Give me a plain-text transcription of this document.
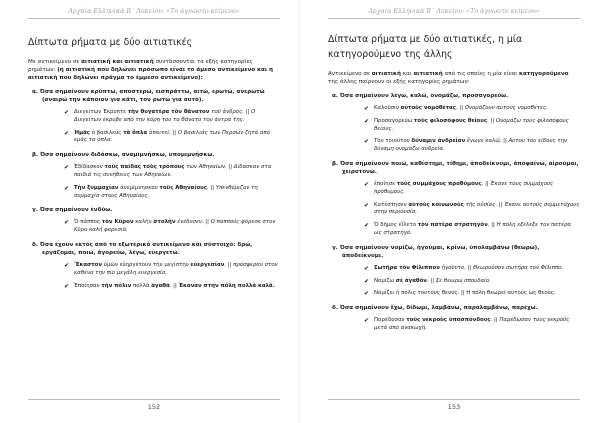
Αρχαία Ελληνικά Β΄ Λυκείου: «Το άγνωστο κείμενο»
Δίπτωτα ρήματα με δύο αιτιατικές
Με αντικείμενο σε αιτιατική και αιτιατική συντάσσονται τα εξής κατηγορίες ρημάτων: (η αιτιατική που δηλώνει πρόσωπο είναι το άμεσο αντικείμενο και η αιτιατική που δηλώνει πράγμα το έμμεσο αντικείμενο):
α. Όσα σημαίνουν κρύπτω, αποστερώ, εισπράττω, αιτώ, ερωτώ, ανερωτώ (αναιρώ την κάποιον για κάτι, τον ρωτώ για αυτό).
✔ Διεγείτων Έκρυπτε τὴν θυγατέρα τὸν θάνατον τοῦ ἀνδρός. || Ο Διεγείτων έκρυβε από την κόρη του το θάνατο του άντρα της.
✔ Ἡμᾶς ὁ βασιλεὺς τὰ ὅπλα ἀπαιτεῖ. || Ο βασιλιάς των Περσών ζητά από εμάς τα όπλα.
β. Όσα σημαίνουν διδάσκω, αναμιμνήσκω, υπομιμνήσκω.
✔ Ἐδίδασκον τοὺς παῖδας τοὺς τρόπους τῶν Ἀθηναίων. || Δίδασκαν στα παιδιά τις συνήθειες των Αθηναίων.
✔ Τὴν ξυμμαχίαν ἀνεμίμνησκον τοὺς Ἀθηναίους. || Υπενθύμιζαν τη συμμαχία στους Αθηναίους.
γ. Όσα σημαίνουν ένδύω.
✔ Ὁ πάππος τὸν Κῦρον καλὴν στολὴν ἐνέδυσεν. || Ο παππούς φόρεσε στον Κύρο καλή φορεσιά.
δ. Όσα έχουν εκτός από το εξωτερικό αντικείμενο και σύστοιχο: δρώ, εργάζομαι, ποιώ, άγορεύω, λέγω, ευεργετώ.
✔ Ἔκαστον ὑμῶν εὐηργέτουν τὴν μεγίστην εὐεργεσίαν. || πρόσφεραν στον καθένα την πιο μεγάλη ευεργεσία.
✔ Ἐποίησαν τὴν πόλιν πολλὰ ἀγαθά. || Έκαναν στην πόλη πολλά καλά.
152
Αρχαία Ελληνικά Β΄ Λυκείου: «Το άγνωστο κείμενο»
Δίπτωτα ρήματα με δύο αιτιατικές, η μία κατηγορούμενο της άλλης
Αντικείμενο σε αιτιατική και αιτιατική από τις οποίες η μία είναι κατηγορούμενο της άλλης παίρνουν οι εξής κατηγορίες ρημάτων:
α. Όσα σημαίνουν λέγω, καλώ, ονομάζω, προσαγορεύω.
✔ Καλοῦσιν αὐτοὺς νομοθέτας. || Ονομάζουν αυτούς νομοθέτες.
✔ Προσαγορεύω τοὺς φιλοσόφους θείους. || Ονομάζω τους φιλοσόφους θείους.
✔ Τὸν τοιοῦτον δύναμιν ἀνδρείαν ἔγωγε καλῶ. || Αυτου του είδους την δύναμη ονομάζω ανδρεία.
β. Όσα σημαίνουν ποιώ, καθίστημι, τίθημι, ἀποδείκνυμι, ἀποφαίνω, αἱροῦμαι, χειροτονῶ.
✔ ἐποίησε τοὺς συμμάχους προθύμους. || Έκανε τους συμμάχους πρόθυμους.
✔ Κατέστησεν αὐτοὺς κοινωνοὺς τῆς οὐσίας. || Έκανε αυτούς συμμετόχους στην περιουσία.
✔ Ὁ δῆμος εἵλετο τὸν πατέρα στρατηγόν. || Η πόλη εξέλεξε τον πατέρα ως στρατηγό.
γ. Όσα σημαίνουν νομίζω, ἡγοῦμαι, κρίνω, ὑπολαμβάνω (θεωρώ), ἀποδείκνυμι.
✔ Σωτῆρα τὸν Φίλιππον ἡγοῦντο. || Θεωρούσαν σωτήρα τον Φίλιππο.
✔ Νομίζω σὲ ἀγαθόν. || Σε θεωρώ σπουδαίο.
✔ Νομίζει ἡ πόλις τούτους θεούς. || Η πόλη θεωρεί αυτούς ως θεούς.
δ. Όσα σημαίνουν ἔχω, δίδωμι, λαμβάνω, παραλαμβάνω, παρέχω.
✔ Παρέδοσαν τοὺς νεκροὺς ὑποσπόνδους. || Παρέδωσαν τους νεκρούς μετά από ανακωχή.
153
